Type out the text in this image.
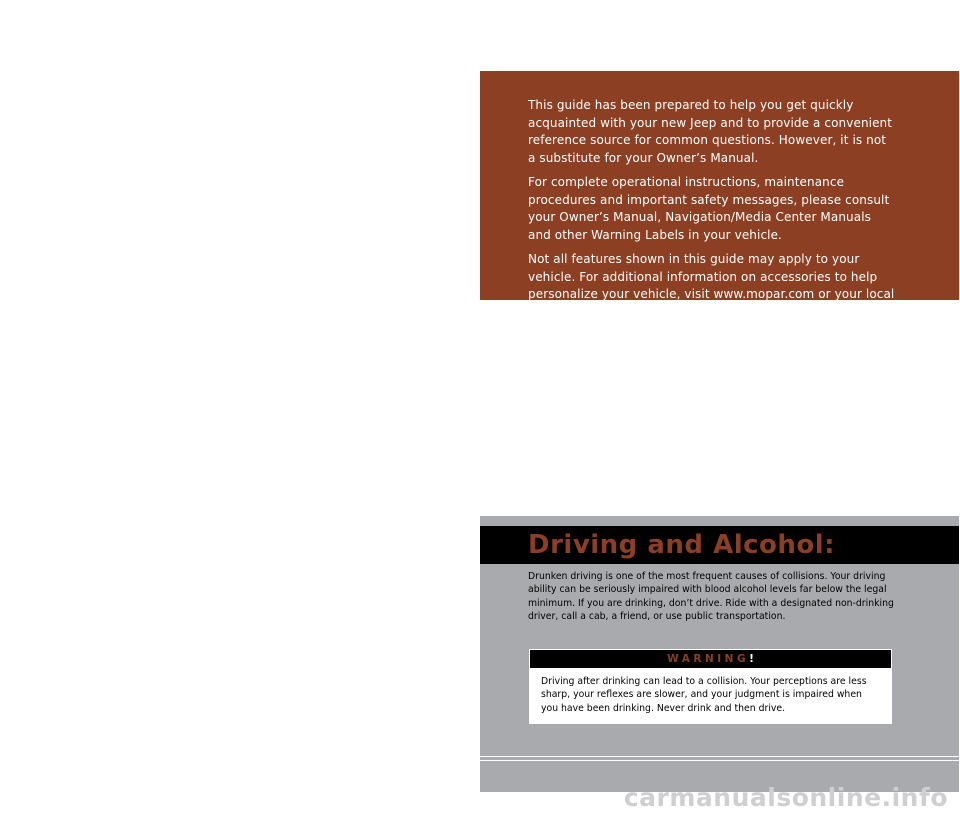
This guide has been prepared to help you get quickly acquainted with your new Jeep and to provide a convenient reference source for common questions. However, it is not a substitute for your Owner’s Manual.

For complete operational instructions, maintenance procedures and important safety messages, please consult your Owner’s Manual, Navigation/Media Center Manuals and other Warning Labels in your vehicle.

Not all features shown in this guide may apply to your vehicle. For additional information on accessories to help personalize your vehicle, visit www.mopar.com or your local Jeep dealer.

Driving and Alcohol:

Drunken driving is one of the most frequent causes of collisions. Your driving ability can be seriously impaired with blood alcohol levels far below the legal minimum. If you are drinking, don’t drive. Ride with a designated non-drinking driver, call a cab, a friend, or use public transportation.

WARNING!

Driving after drinking can lead to a collision. Your perceptions are less sharp, your reflexes are slower, and your judgment is impaired when you have been drinking. Never drink and then drive.

carmanualsonline.info
